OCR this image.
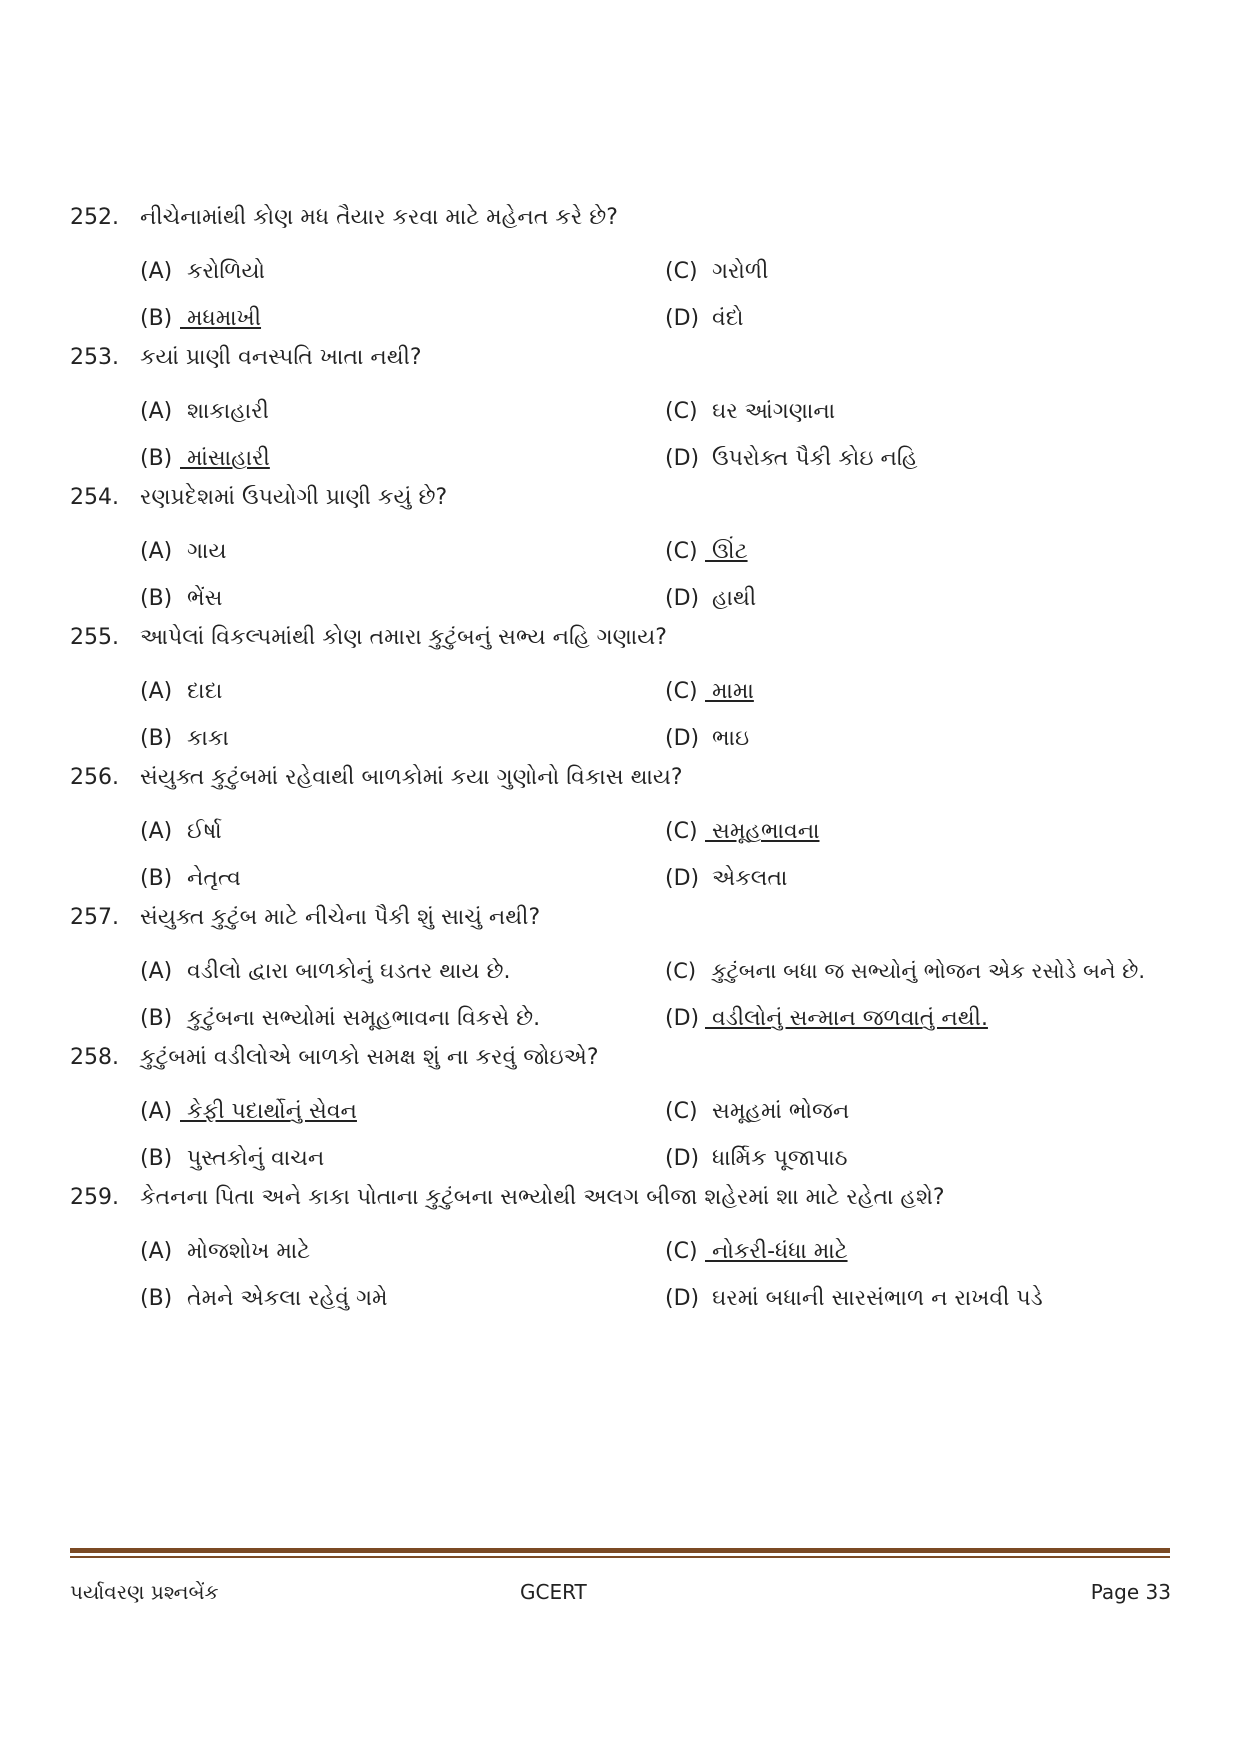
252. નીચેનામાંથી કોણ મધ તૈયાર કરવા માટે મહેનત કરે છે?
(A) કરોળિયો
(B) મધમાખી
(C) ગરોળી
(D) વંદો
253. કયાં પ્રાણી વનસ્પતિ ખાતા નથી?
(A) શાકાહારી
(B) માંસાહારી
(C) ઘર આંગણાના
(D) ઉપરોક્ત પૈકી કોઇ નહિ
254. રણપ્રદેશમાં ઉપયોગી પ્રાણી કયું છે?
(A) ગાય
(B) ભેંસ
(C) ઊંટ
(D) હાથી
255. આપેલાં વિકલ્પમાંથી કોણ તમારા કુટુંબનું સભ્ય નહિ ગણાય?
(A) દાદા
(B) કાકા
(C) મામા
(D) ભાઇ
256. સંયુક્ત કુટુંબમાં રહેવાથી બાળકોમાં કયા ગુણોનો વિકાસ થાય?
(A) ઈર્ષા
(B) નેતૃત્વ
(C) સમૂહભાવના
(D) એકલતા
257. સંયુક્ત કુટુંબ માટે નીચેના પૈકી શું સાચું નથી?
(A) વડીલો દ્વારા બાળકોનું ઘડતર થાય છે.
(B) કુટુંબના સભ્યોમાં સમૂહભાવના વિકસે છે.
(C) કુટુંબના બધા જ સભ્યોનું ભોજન એક રસોડે બને છે.
(D) વડીલોનું સન્માન જળવાતું નથી.
258. કુટુંબમાં વડીલોએ બાળકો સમક્ષ શું ના કરવું જોઇએ?
(A) કેફી પદાર્થોનું સેવન
(B) પુસ્તકોનું વાચન
(C) સમૂહમાં ભોજન
(D) ધાર્મિક પૂજાપાઠ
259. કેતનના પિતા અને કાકા પોતાના કુટુંબના સભ્યોથી અલગ બીજા શહેરમાં શા માટે રહેતા હશે?
(A) મોજશોખ માટે
(B) તેમને એકલા રહેવું ગમે
(C) નોકરી-ધંધા માટે
(D) ઘરમાં બધાની સારસંભાળ ન રાખવી પડે
પર્યાવરણ પ્રશ્નબેંક	GCERT	Page 33
